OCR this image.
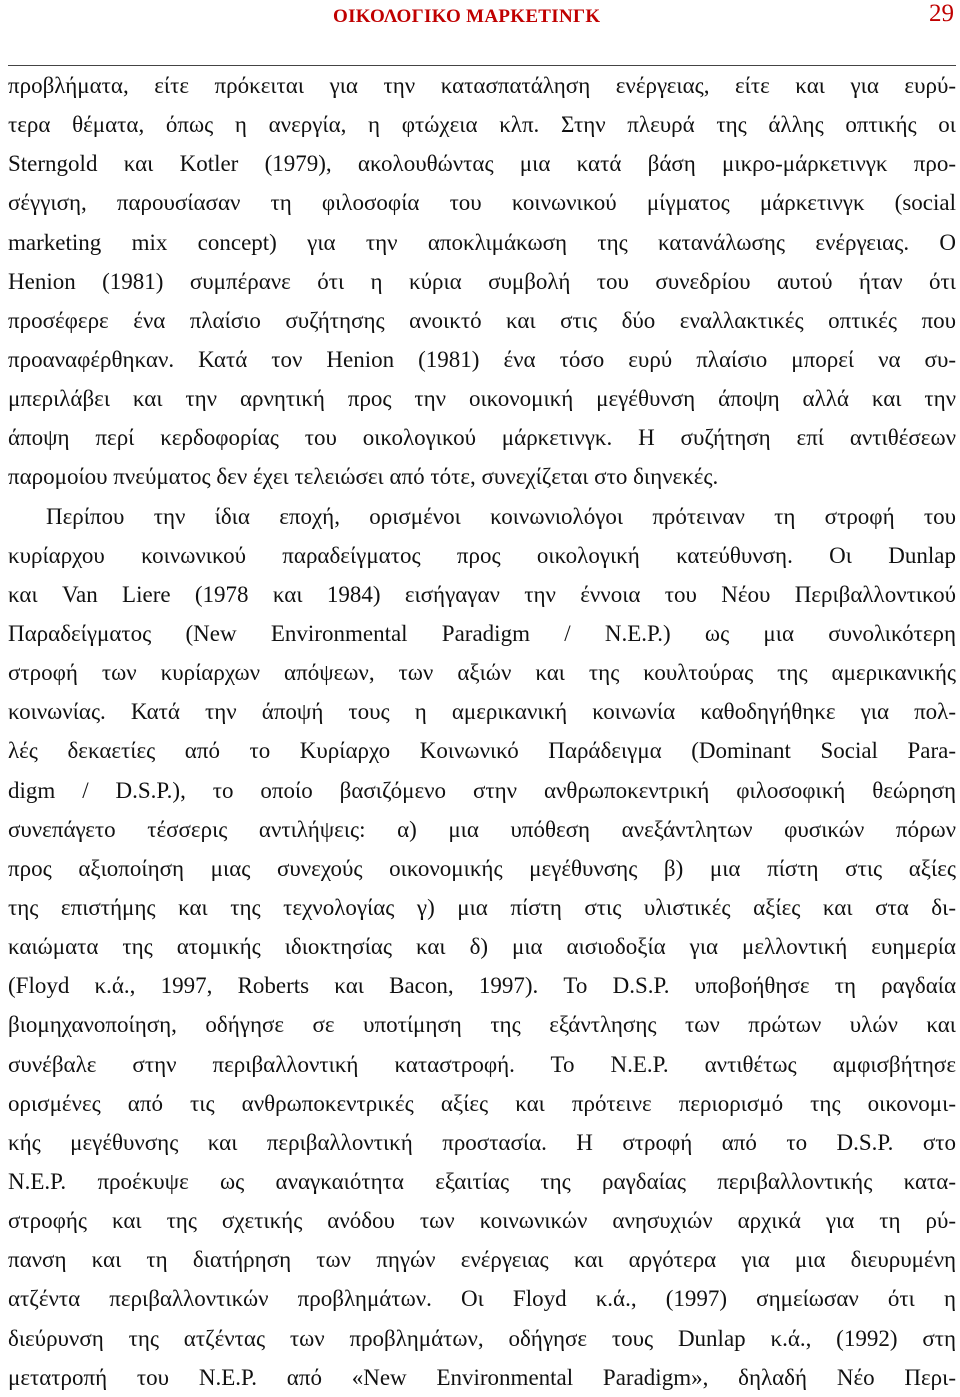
ΟΙΚΟΛΟΓΙΚΟ ΜΑΡΚΕΤΙΝΓΚ	29
προβλήματα, είτε πρόκειται για την κατασπατάληση ενέργειας, είτε και για ευρύ-
τερα θέματα, όπως η ανεργία, η φτώχεια κλπ. Στην πλευρά της άλλης οπτικής οι
Sterngold και Kotler (1979), ακολουθώντας μια κατά βάση μικρο-μάρκετινγκ προ-
σέγγιση, παρουσίασαν τη φιλοσοφία του κοινωνικού μίγματος μάρκετινγκ (social
marketing mix concept) για την αποκλιμάκωση της κατανάλωσης ενέργειας. Ο
Henion (1981) συμπέρανε ότι η κύρια συμβολή του συνεδρίου αυτού ήταν ότι
προσέφερε ένα πλαίσιο συζήτησης ανοικτό και στις δύο εναλλακτικές οπτικές που
προαναφέρθηκαν. Κατά τον Henion (1981) ένα τόσο ευρύ πλαίσιο μπορεί να συ-
μπεριλάβει και την αρνητική προς την οικονομική μεγέθυνση άποψη αλλά και την
άποψη περί κερδοφορίας του οικολογικού μάρκετινγκ. Η συζήτηση επί αντιθέσεων
παρομοίου πνεύματος δεν έχει τελειώσει από τότε, συνεχίζεται στο διηνεκές.
Περίπου την ίδια εποχή, ορισμένοι κοινωνιολόγοι πρότειναν τη στροφή του
κυρίαρχου κοινωνικού παραδείγματος προς οικολογική κατεύθυνση. Οι Dunlap
και Van Liere (1978 και 1984) εισήγαγαν την έννοια του Νέου Περιβαλλοντικού
Παραδείγματος (New Environmental Paradigm / N.E.P.) ως μια συνολικότερη
στροφή των κυρίαρχων απόψεων, των αξιών και της κουλτούρας της αμερικανικής
κοινωνίας. Κατά την άποψή τους η αμερικανική κοινωνία καθοδηγήθηκε για πολ-
λές δεκαετίες από το Κυρίαρχο Κοινωνικό Παράδειγμα (Dominant Social Para-
digm / D.S.P.), το οποίο βασιζόμενο στην ανθρωποκεντρική φιλοσοφική θεώρηση
συνεπάγετο τέσσερις αντιλήψεις: α) μια υπόθεση ανεξάντλητων φυσικών πόρων
προς αξιοποίηση μιας συνεχούς οικονομικής μεγέθυνσης β) μια πίστη στις αξίες
της επιστήμης και της τεχνολογίας γ) μια πίστη στις υλιστικές αξίες και στα δι-
καιώματα της ατομικής ιδιοκτησίας και δ) μια αισιοδοξία για μελλοντική ευημερία
(Floyd κ.ά., 1997, Roberts και Bacon, 1997). Το D.S.P. υποβοήθησε τη ραγδαία
βιομηχανοποίηση, οδήγησε σε υποτίμηση της εξάντλησης των πρώτων υλών και
συνέβαλε στην περιβαλλοντική καταστροφή. Το N.E.P. αντιθέτως αμφισβήτησε
ορισμένες από τις ανθρωποκεντρικές αξίες και πρότεινε περιορισμό της οικονομι-
κής μεγέθυνσης και περιβαλλοντική προστασία. Η στροφή από το D.S.P. στο
N.E.P. προέκυψε ως αναγκαιότητα εξαιτίας της ραγδαίας περιβαλλοντικής κατα-
στροφής και της σχετικής ανόδου των κοινωνικών ανησυχιών αρχικά για τη ρύ-
πανση και τη διατήρηση των πηγών ενέργειας και αργότερα για μια διευρυμένη
ατζέντα περιβαλλοντικών προβλημάτων. Οι Floyd κ.ά., (1997) σημείωσαν ότι η
διεύρυνση της ατζέντας των προβλημάτων, οδήγησε τους Dunlap κ.ά., (1992) στη
μετατροπή του N.E.P. από «New Environmental Paradigm», δηλαδή Νέο Περι-
